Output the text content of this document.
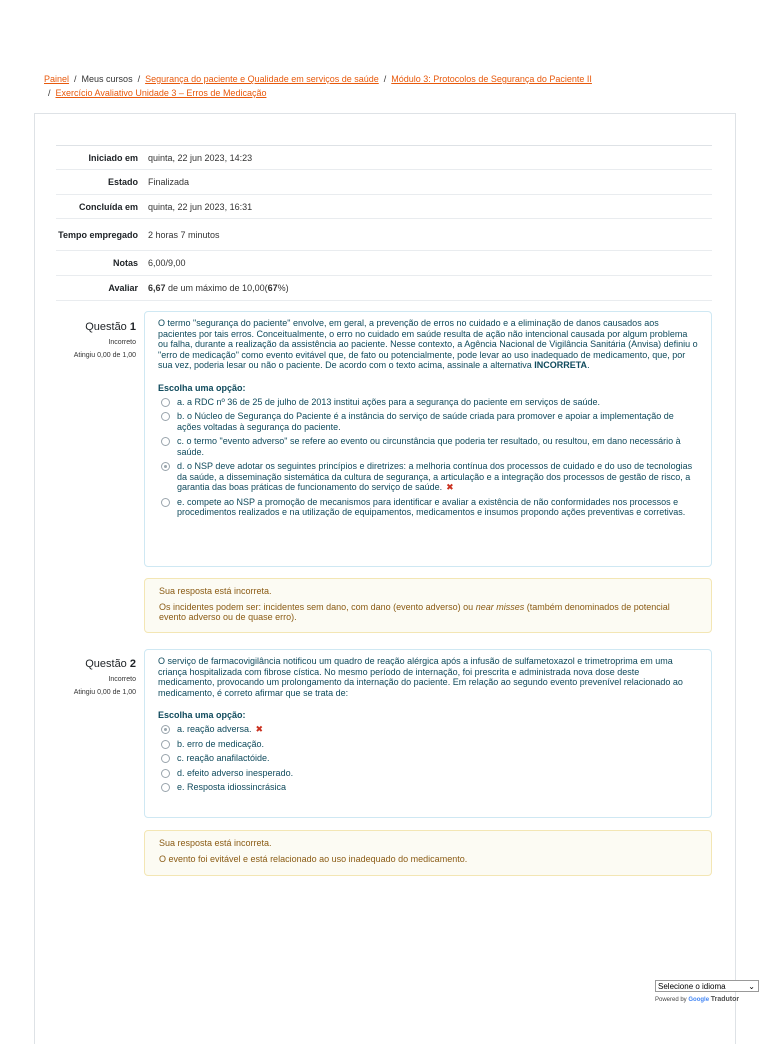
Painel / Meus cursos / Segurança do paciente e Qualidade em serviços de saúde / Módulo 3: Protocolos de Segurança do Paciente II
/ Exercício Avaliativo Unidade 3 – Erros de Medicação
Iniciado em	quinta, 22 jun 2023, 14:23
Estado	Finalizada
Concluída em	quinta, 22 jun 2023, 16:31
Tempo empregado	2 horas 7 minutos
Notas	6,00/9,00
Avaliar	6,67 de um máximo de 10,00(67%)
Questão 1
Incorreto
Atingiu 0,00 de 1,00
O termo "segurança do paciente" envolve, em geral, a prevenção de erros no cuidado e a eliminação de danos causados aos pacientes por tais erros. Conceitualmente, o erro no cuidado em saúde resulta de ação não intencional causada por algum problema ou falha, durante a realização da assistência ao paciente. Nesse contexto, a Agência Nacional de Vigilância Sanitária (Anvisa) definiu o "erro de medicação" como evento evitável que, de fato ou potencialmente, pode levar ao uso inadequado de medicamento, que, por sua vez, poderia lesar ou não o paciente. De acordo com o texto acima, assinale a alternativa INCORRETA.
Escolha uma opção:
a. a RDC nº 36 de 25 de julho de 2013 institui ações para a segurança do paciente em serviços de saúde.
b. o Núcleo de Segurança do Paciente é a instância do serviço de saúde criada para promover e apoiar a implementação de ações voltadas à segurança do paciente.
c. o termo "evento adverso" se refere ao evento ou circunstância que poderia ter resultado, ou resultou, em dano necessário à saúde.
d. o NSP deve adotar os seguintes princípios e diretrizes: a melhoria contínua dos processos de cuidado e do uso de tecnologias da saúde, a disseminação sistemática da cultura de segurança, a articulação e a integração dos processos de gestão de risco, a garantia das boas práticas de funcionamento do serviço de saúde. ✖
e. compete ao NSP a promoção de mecanismos para identificar e avaliar a existência de não conformidades nos processos e procedimentos realizados e na utilização de equipamentos, medicamentos e insumos propondo ações preventivas e corretivas.

Sua resposta está incorreta.

Os incidentes podem ser: incidentes sem dano, com dano (evento adverso) ou near misses (também denominados de potencial evento adverso ou de quase erro).

Questão 2
Incorreto
Atingiu 0,00 de 1,00
O serviço de farmacovigilância notificou um quadro de reação alérgica após a infusão de sulfametoxazol e trimetroprima em uma criança hospitalizada com fibrose cística. No mesmo período de internação, foi prescrita e administrada nova dose deste medicamento, provocando um prolongamento da internação do paciente. Em relação ao segundo evento prevenível relacionado ao medicamento, é correto afirmar que se trata de:
Escolha uma opção:
a. reação adversa. ✖
b. erro de medicação.
c. reação anafilactóide.
d. efeito adverso inesperado.
e. Resposta idiossincrásica

Sua resposta está incorreta.

O evento foi evitável e está relacionado ao uso inadequado do medicamento.

Selecione o idioma	⌄
Powered by Google Tradutor
